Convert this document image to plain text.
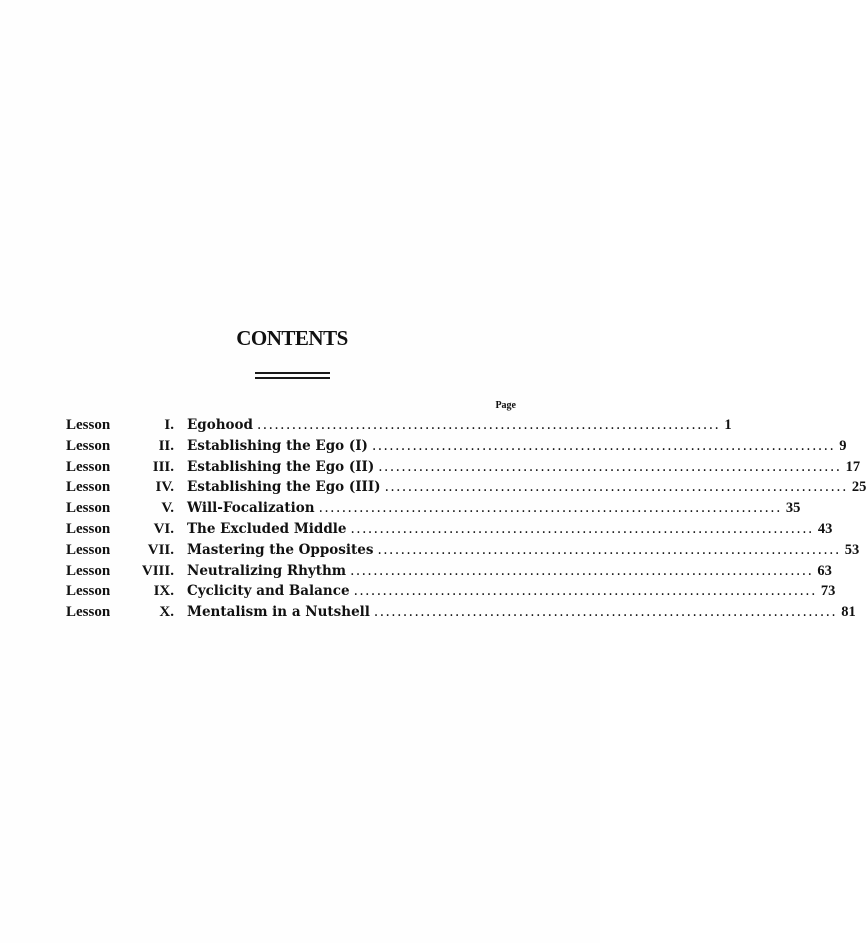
CONTENTS
Page
Lesson	I. Egohood ................................................................................ 1
Lesson	II. Establishing the Ego (I) ................................................................................ 9
Lesson	III. Establishing the Ego (II) ................................................................................ 17
Lesson	IV. Establishing the Ego (III) ................................................................................ 25
Lesson	V. Will-Focalization ................................................................................ 35
Lesson	VI. The Excluded Middle ................................................................................ 43
Lesson	VII. Mastering the Opposites ................................................................................ 53
Lesson	VIII. Neutralizing Rhythm ................................................................................ 63
Lesson	IX. Cyclicity and Balance ................................................................................ 73
Lesson	X. Mentalism in a Nutshell ................................................................................ 81
